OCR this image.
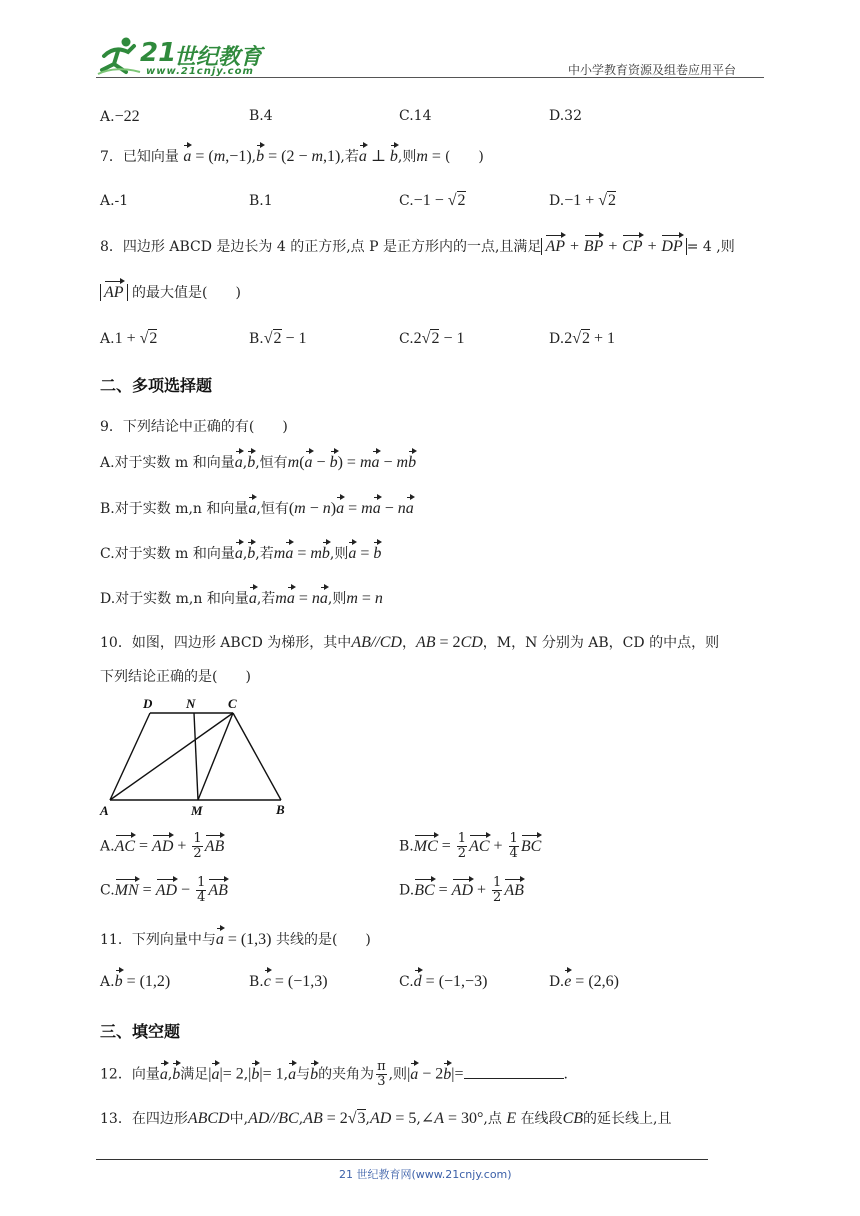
21
世纪教育
www.21cnjy.com	中小学教育资源及组卷应用平台
A.−22	B.4	C.14	D.32
7．已知向量 a = (m,−1),b = (2 − m,1),若a ⊥ b,则m = (　　)
A.-1	B.1	C.−1 − √2	D.−1 + √2
8．四边形 ABCD 是边长为 4 的正方形,点 P 是正方形内的一点,且满足 AP + BP + CP + DP = 4 ,则
AP 的最大值是(　　)
A.1 + √2	B.√2 − 1	C.2√2 − 1	D.2√2 + 1
二、多项选择题
9．下列结论中正确的有(　　)
A.对于实数 m 和向量a,b,恒有m(a − b) = ma − mb
B.对于实数 m,n 和向量a,恒有(m − n)a = ma − na
C.对于实数 m 和向量a,b,若ma = mb,则a = b
D.对于实数 m,n 和向量a,若ma = na,则m = n
10．如图，四边形 ABCD 为梯形，其中AB//CD，AB = 2CD，M，N 分别为 AB，CD 的中点，则
下列结论正确的是(　　)
D	N	C
A	M	B
A.AC = AD + $\frac{1}{2}$ AB	$B.MC = \frac{1}{2}$ AC + $\frac{1}{4}$ BC
C.MN = AD − $\frac{1}{4}$ AB	D.BC = AD + $\frac{1}{2}$ AB
11．下列向量中与a = (1,3) 共线的是(　　)
A.b = (1,2)	B.c = (−1,3)	C.d = (−1,−3)	D.e = (2,6)
三、填空题
12．向量a,b满足|a|= 2,|b|= 1,a与b的夹角为 $\frac{\pi}{3}$ ,则|a − 2b|=	.
13．在四边形ABCD中,AD//BC,AB = 2√3,AD = 5,∠A = 30°,点 E 在线段CB的延长线上,且
21 世纪教育网(www.21cnjy.com)
